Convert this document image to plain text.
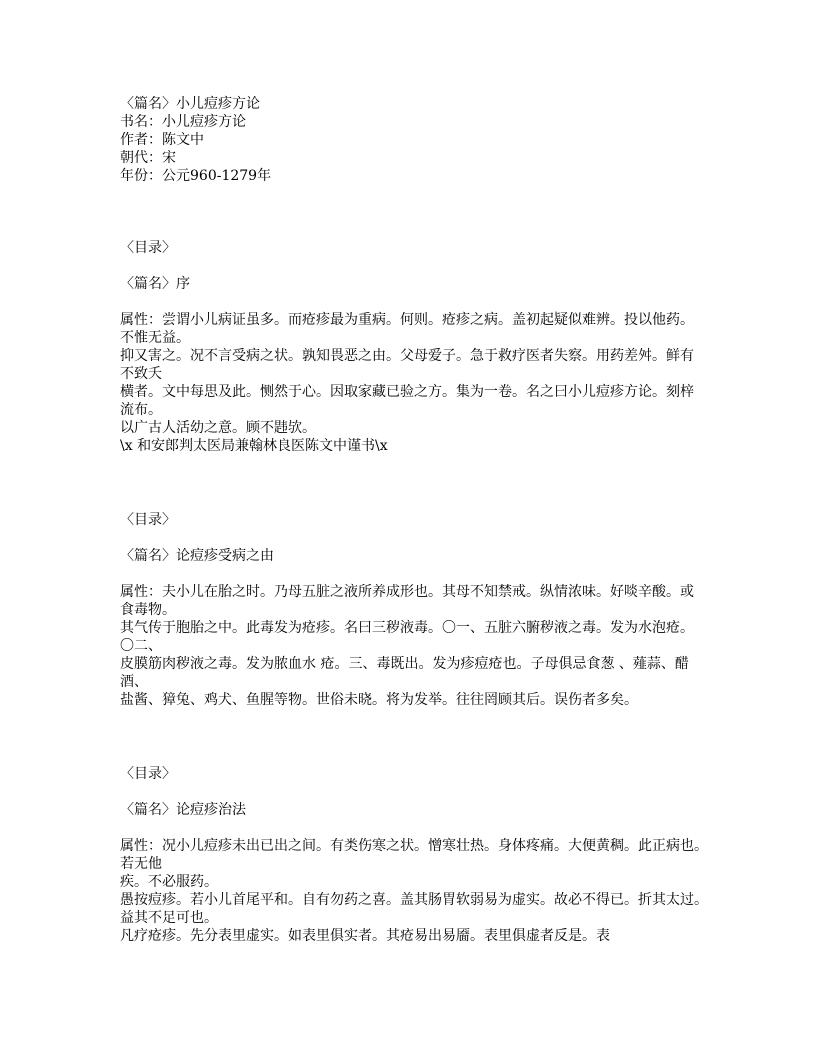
〈篇名〉小儿痘疹方论
书名：小儿痘疹方论
作者：陈文中
朝代：宋
年份：公元960-1279年
〈目录〉
〈篇名〉序
属性：尝谓小儿病证虽多。而疮疹最为重病。何则。疮疹之病。盖初起疑似难辨。投以他药。
不惟无益。
抑又害之。况不言受病之状。孰知畏恶之由。父母爱子。急于救疗医者失察。用药差舛。鲜有
不致夭
横者。文中每思及此。恻然于心。因取家藏已验之方。集为一卷。名之曰小儿痘疹方论。刻梓
流布。
以广古人活幼之意。顾不韪欤。
\x 和安郎判太医局兼翰林良医陈文中谨书\x
〈目录〉
〈篇名〉论痘疹受病之由
属性：夫小儿在胎之时。乃母五脏之液所养成形也。其母不知禁戒。纵情浓味。好啖辛酸。或
食毒物。
其气传于胞胎之中。此毒发为疮疹。名曰三秽液毒。〇一、五脏六腑秽液之毒。发为水泡疮。
〇二、
皮膜筋肉秽液之毒。发为脓血水 疮。三、毒既出。发为疹痘疮也。子母俱忌食葱 、薤蒜、醋
酒、
盐酱、獐兔、鸡犬、鱼腥等物。世俗未晓。将为发举。往往罔顾其后。误伤者多矣。
〈目录〉
〈篇名〉论痘疹治法
属性：况小儿痘疹未出已出之间。有类伤寒之状。憎寒壮热。身体疼痛。大便黄稠。此正病也。
若无他
疾。不必服药。
愚按痘疹。若小儿首尾平和。自有勿药之喜。盖其肠胃软弱易为虚实。故必不得已。折其太过。
益其不足可也。
凡疗疮疹。先分表里虚实。如表里俱实者。其疮易出易靥。表里俱虚者反是。表
